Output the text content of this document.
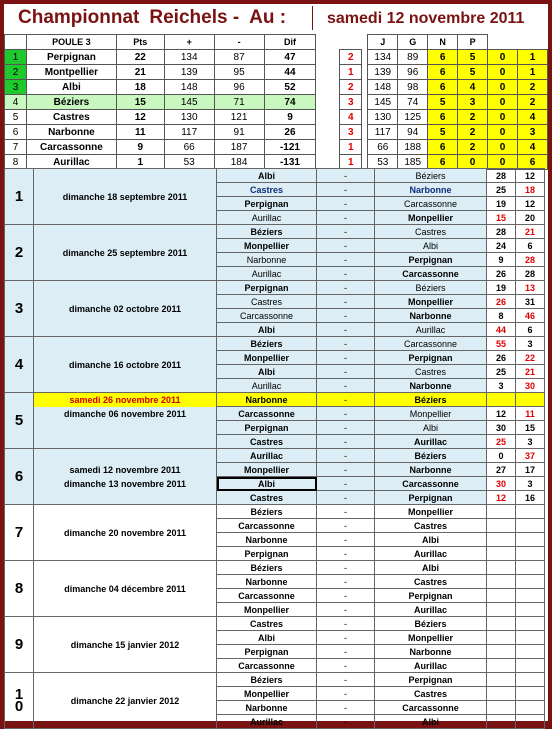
Championnat Reichels - Au :	samedi 12 novembre 2011
	POULE 3	Pts	+	-	Dif					J	G	N	P		
1	Perpignan	22	134	87	47			2		134	89	6	5	0	1
2	Montpellier	21	139	95	44			1		139	96	6	5	0	1
3	Albi	18	148	96	52			2		148	98	6	4	0	2
4	Béziers	15	145	71	74			3		145	74	5	3	0	2
5	Castres	12	130	121	9			4		130	125	6	2	0	4
6	Narbonne	11	117	91	26			3		117	94	5	2	0	3
7	Carcassonne	9	66	187	-121			1		66	188	6	2	0	4
8	Aurillac	1	53	184	-131			1		53	185	6	0	0	6
1	dimanche 18 septembre 2011	Albi	-	Béziers	28	12
		Castres	-	Narbonne	25	18
		Perpignan	-	Carcassonne	19	12
		Aurillac	-	Monpellier	15	20
2	dimanche 25 septembre 2011	Béziers	-	Castres	28	21
		Monpellier	-	Albi	24	6
		Narbonne	-	Perpignan	9	28
		Aurillac	-	Carcassonne	26	28
3	dimanche 02 octobre 2011	Perpignan	-	Béziers	19	13
		Castres	-	Monpellier	26	31
		Carcassonne	-	Narbonne	8	46
		Albi	-	Aurillac	44	6
4	dimanche 16 octobre 2011	Béziers	-	Carcassonne	55	3
		Monpellier	-	Perpignan	26	22
		Albi	-	Castres	25	21
		Aurillac	-	Narbonne	3	30
5	samedi 26 novembre 2011
dimanche 06 novembre 2011	Narbonne	-	Béziers		
		Carcassonne	-	Monpellier	12	11
		Perpignan	-	Albi	30	15
		Castres	-	Aurillac	25	3
6	samedi 12 novembre 2011
dimanche 13 novembre 2011	Aurillac	-	Béziers	0	37
		Monpellier	-	Narbonne	27	17
		Albi	-	Carcassonne	30	3
		Castres	-	Perpignan	12	16
7	dimanche 20 novembre 2011	Béziers	-	Monpellier		
		Carcassonne	-	Castres		
		Narbonne	-	Albi		
		Perpignan	-	Aurillac		
8	dimanche 04 décembre 2011	Béziers	-	Albi		
		Narbonne	-	Castres		
		Carcassonne	-	Perpignan		
		Monpellier	-	Aurillac		
9	dimanche 15 janvier 2012	Castres	-	Béziers		
		Albi	-	Monpellier		
		Perpignan	-	Narbonne		
		Carcassonne	-	Aurillac		

1
0	dimanche 22 janvier 2012	Béziers	-	Perpignan		
		Monpellier	-	Castres		
		Narbonne	-	Carcassonne		
		Aurillac	-	Albi		
